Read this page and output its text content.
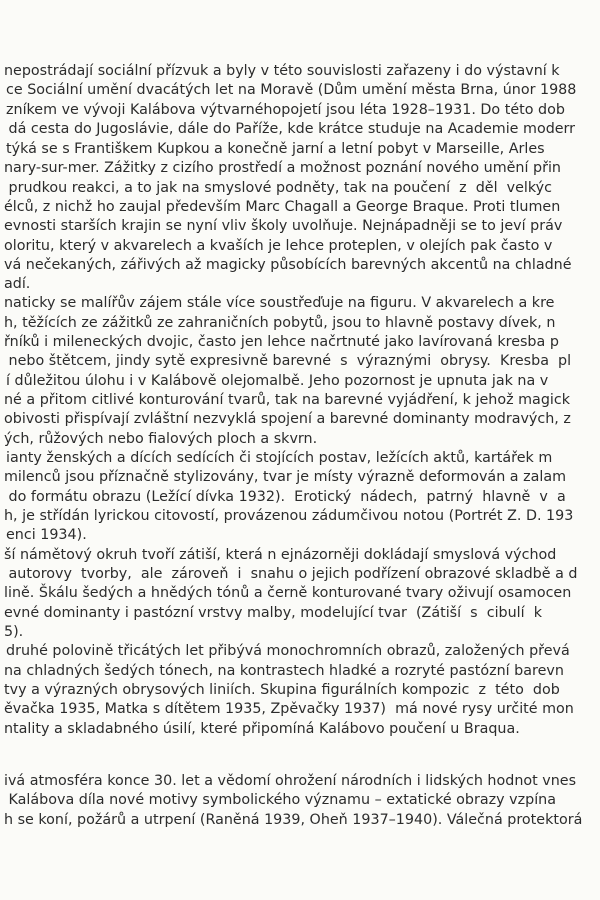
nepostrádají sociální přízvuk a byly v této souvislosti zařazeny i do výstavní k
ce Sociální umění dvacátých let na Moravě (Dům umění města Brna, únor 1988
zníkem ve vývoji Kalábova výtvarnéhopojetí jsou léta 1928–1931. Do této dob
dá cesta do Jugoslávie, dále do Paříže, kde krátce studuje na Academie moderr
týká se s Františkem Kupkou a konečně jarní a letní pobyt v Marseille, Arles
nary-sur-mer. Zážitky z cizího prostředí a možnost poznání nového umění přin
prudkou reakci, a to jak na smyslové podněty, tak na poučení  z  děl  velkýc
élců, z nichž ho zaujal především Marc Chagall a George Braque. Proti tlumen
evnosti starších krajin se nyní vliv školy uvolňuje. Nejnápadněji se to jeví práv
oloritu, který v akvarelech a kvaších je lehce proteplen, v olejích pak často v
vá nečekaných, zářivých až magicky působících barevných akcentů na chladné
adí.
naticky se malířův zájem stále více soustřeďuje na figuru. V akvarelech a kre
h, těžících ze zážitků ze zahraničních pobytů, jsou to hlavně postavy dívek, n
řníků i mileneckých dvojic, často jen lehce načrtnuté jako lavírovaná kresba p
nebo štětcem, jindy sytě expresivně barevné  s  výraznými  obrysy.  Kresba  pl
í důležitou úlohu i v Kalábově olejomalbě. Jeho pozornost je upnuta jak na v
né a přitom citlivé konturování tvarů, tak na barevné vyjádření, k jehož magick
obivosti přispívají zvláštní nezvyklá spojení a barevné dominanty modravých, z
ých, růžových nebo fialových ploch a skvrn.
ianty ženských a dících sedících či stojících postav, ležících aktů, kartářek m
milenců jsou příznačně stylizovány, tvar je místy výrazně deformován a zalam
do formátu obrazu (Ležící dívka 1932).  Erotický  nádech,  patrný  hlavně  v  a
h, je střídán lyrickou citovostí, provázenou zádumčivou notou (Portrét Z. D. 193
enci 1934).
ší námětový okruh tvoří zátiší, která n ejnázorněji dokládají smyslová východ
autorovy  tvorby,  ale  zároveň  i  snahu o jejich podřízení obrazové skladbě a d
lině. Škálu šedých a hnědých tónů a černě konturované tvary oživují osamocen
evné dominanty i pastózní vrstvy malby, modelující tvar  (Zátiší  s  cibulí  k
5).
druhé polovině třicátých let přibývá monochromních obrazů, založených převá
na chladných šedých tónech, na kontrastech hladké a rozryté pastózní barevn
tvy a výrazných obrysových liniích. Skupina figurálních kompozic  z  této  dob
ěvačka 1935, Matka s dítětem 1935, Zpěvačky 1937)  má nové rysy určité mon
ntality a skladabného úsilí, které připomíná Kalábovo poučení u Braqua.
ivá atmosféra konce 30. let a vědomí ohrožení národních i lidských hodnot vnes
Kalábova díla nové motivy symbolického významu – extatické obrazy vzpína
h se koní, požárů a utrpení (Raněná 1939, Oheň 1937–1940). Válečná protektorá
